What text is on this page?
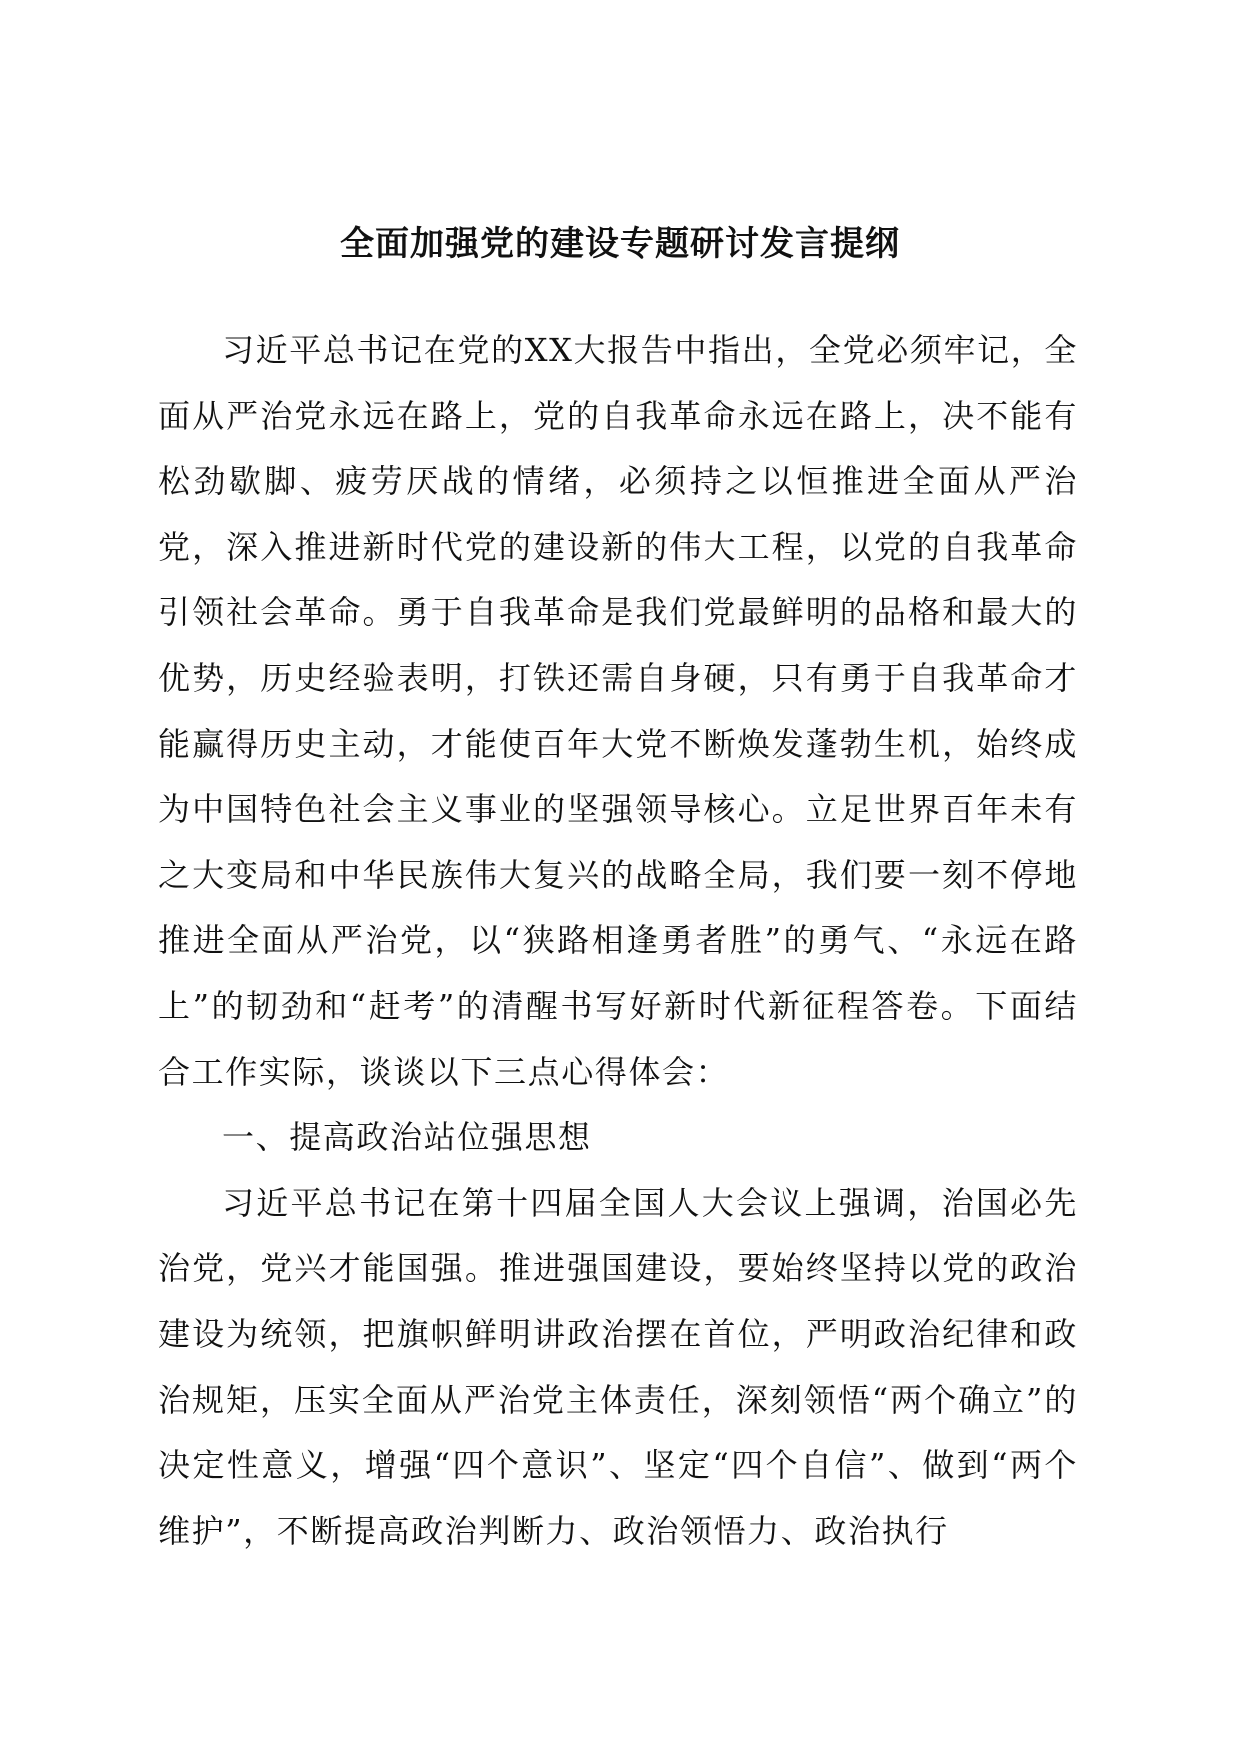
全面加强党的建设专题研讨发言提纲

习近平总书记在党的XX大报告中指出，全党必须牢记，全面从严治党永远在路上，党的自我革命永远在路上，决不能有松劲歇脚、疲劳厌战的情绪，必须持之以恒推进全面从严治党，深入推进新时代党的建设新的伟大工程，以党的自我革命引领社会革命。勇于自我革命是我们党最鲜明的品格和最大的优势，历史经验表明，打铁还需自身硬，只有勇于自我革命才能赢得历史主动，才能使百年大党不断焕发蓬勃生机，始终成为中国特色社会主义事业的坚强领导核心。立足世界百年未有之大变局和中华民族伟大复兴的战略全局，我们要一刻不停地推进全面从严治党，以“狭路相逢勇者胜”的勇气、“永远在路上”的韧劲和“赶考”的清醒书写好新时代新征程答卷。下面结合工作实际，谈谈以下三点心得体会：

一、提高政治站位强思想

习近平总书记在第十四届全国人大会议上强调，治国必先治党，党兴才能国强。推进强国建设，要始终坚持以党的政治建设为统领，把旗帜鲜明讲政治摆在首位，严明政治纪律和政治规矩，压实全面从严治党主体责任，深刻领悟“两个确立”的决定性意义，增强“四个意识”、坚定“四个自信”、做到“两个维护”，不断提高政治判断力、政治领悟力、政治执行
